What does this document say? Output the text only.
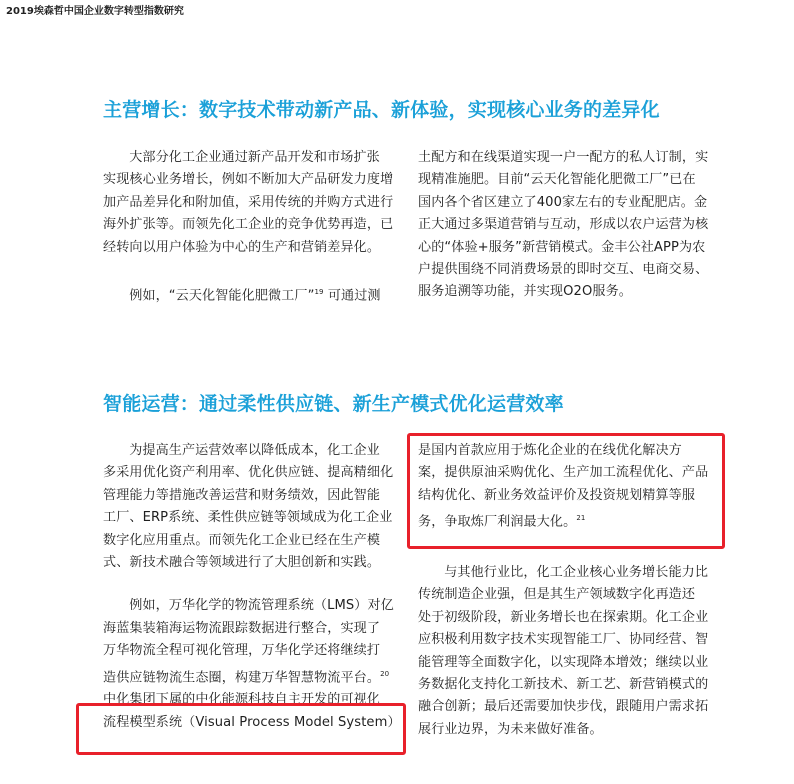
2019埃森哲中国企业数字转型指数研究
主营增长：数字技术带动新产品、新体验，实现核心业务的差异化

大部分化工企业通过新产品开发和市场扩张

实现核心业务增长，例如不断加大产品研发力度增

加产品差异化和附加值，采用传统的并购方式进行

海外扩张等。而领先化工企业的竞争优势再造，已

经转向以用户体验为中心的生产和营销差异化。

例如，“云天化智能化肥微工厂”$^{19}$ 可通过测

土配方和在线渠道实现一户一配方的私人订制，实

现精准施肥。目前“云天化智能化肥微工厂”已在

国内各个省区建立了400家左右的专业配肥店。金

正大通过多渠道营销与互动，形成以农户运营为核

心的“体验+服务”新营销模式。金丰公社APP为农

户提供围绕不同消费场景的即时交互、电商交易、

服务追溯等功能，并实现O2O服务。

智能运营：通过柔性供应链、新生产模式优化运营效率

为提高生产运营效率以降低成本，化工企业

多采用优化资产利用率、优化供应链、提高精细化

管理能力等措施改善运营和财务绩效，因此智能

工厂、ERP系统、柔性供应链等领域成为化工企业

数字化应用重点。而领先化工企业已经在生产模

式、新技术融合等领域进行了大胆创新和实践。

例如，万华化学的物流管理系统（LMS）对亿

海蓝集装箱海运物流跟踪数据进行整合，实现了

万华物流全程可视化管理，万华化学还将继续打

造供应链物流生态圈，构建万华智慧物流平台。$^{20}$

中化集团下属的中化能源科技自主开发的可视化

流程模型系统（Visual Process Model System）

是国内首款应用于炼化企业的在线优化解决方

案，提供原油采购优化、生产加工流程优化、产品

结构优化、新业务效益评价及投资规划精算等服

务，争取炼厂利润最大化。$^{21}$

与其他行业比，化工企业核心业务增长能力比

传统制造企业强，但是其生产领域数字化再造还

处于初级阶段，新业务增长也在探索期。化工企业

应积极利用数字技术实现智能工厂、协同经营、智

能管理等全面数字化，以实现降本增效；继续以业

务数据化支持化工新技术、新工艺、新营销模式的

融合创新；最后还需要加快步伐，跟随用户需求拓

展行业边界，为未来做好准备。
